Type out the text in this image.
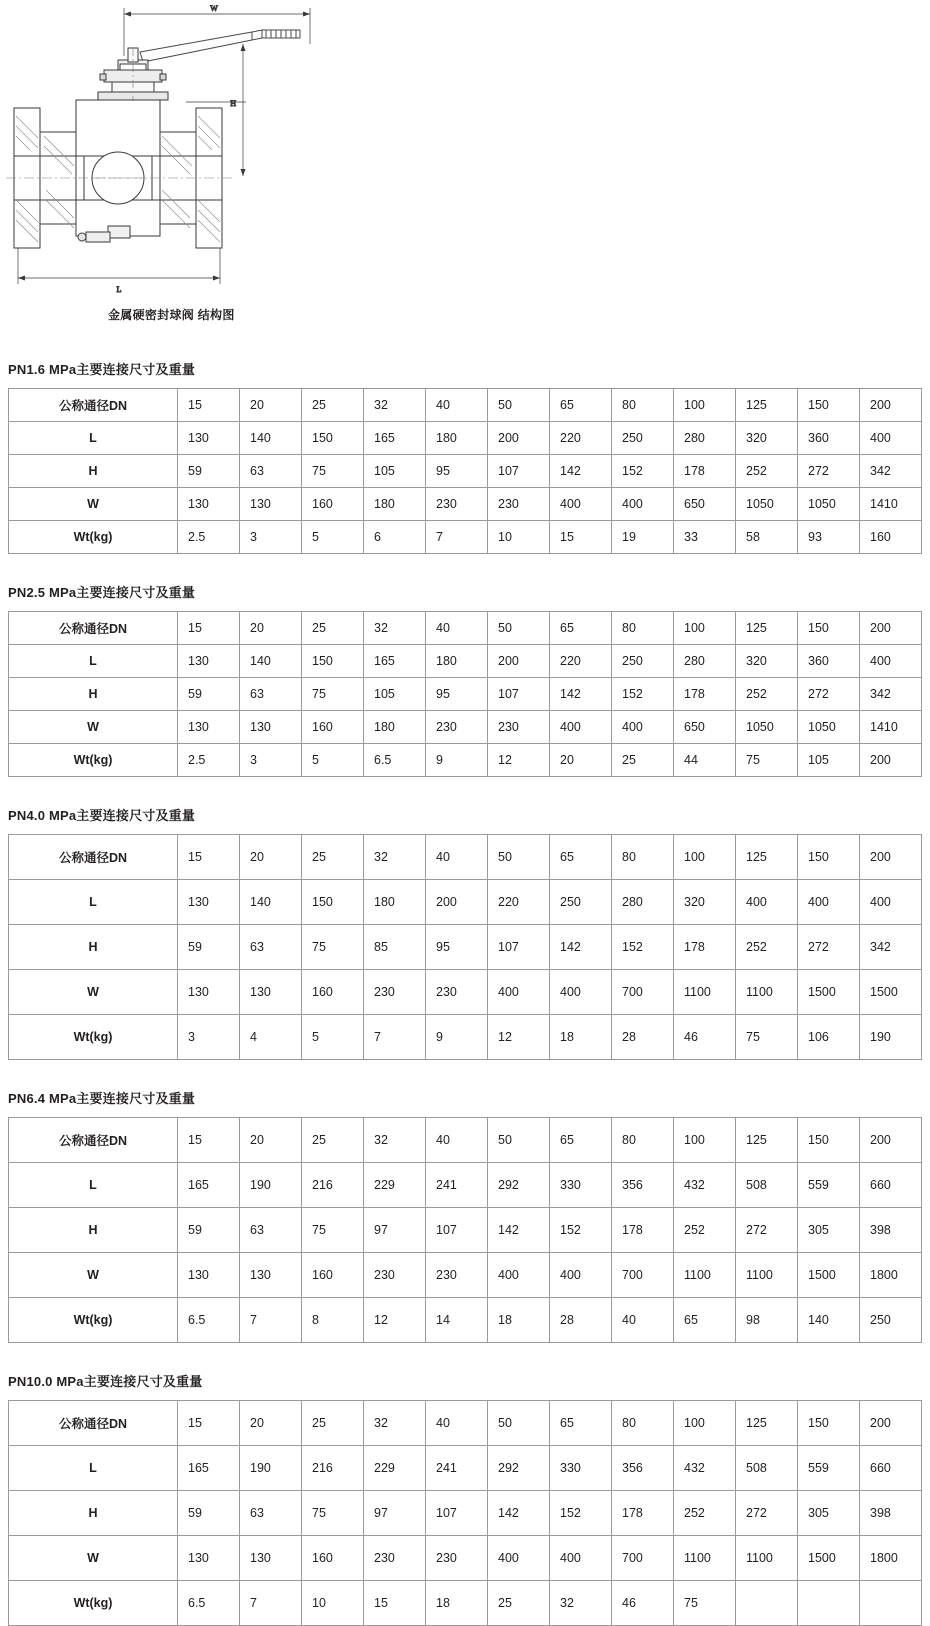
W
H
L
金属硬密封球阀 结构图
PN1.6 MPa主要连接尺寸及重量
公称通径DN	15	20	25	32	40	50	65	80	100	125	150	200
L	130	140	150	165	180	200	220	250	280	320	360	400
H	59	63	75	105	95	107	142	152	178	252	272	342
W	130	130	160	180	230	230	400	400	650	1050	1050	1410
Wt(kg)	2.5	3	5	6	7	10	15	19	33	58	93	160
PN2.5 MPa主要连接尺寸及重量
公称通径DN	15	20	25	32	40	50	65	80	100	125	150	200
L	130	140	150	165	180	200	220	250	280	320	360	400
H	59	63	75	105	95	107	142	152	178	252	272	342
W	130	130	160	180	230	230	400	400	650	1050	1050	1410
Wt(kg)	2.5	3	5	6.5	9	12	20	25	44	75	105	200
PN4.0 MPa主要连接尺寸及重量
公称通径DN	15	20	25	32	40	50	65	80	100	125	150	200
L	130	140	150	180	200	220	250	280	320	400	400	400
H	59	63	75	85	95	107	142	152	178	252	272	342
W	130	130	160	230	230	400	400	700	1100	1100	1500	1500
Wt(kg)	3	4	5	7	9	12	18	28	46	75	106	190
PN6.4 MPa主要连接尺寸及重量
公称通径DN	15	20	25	32	40	50	65	80	100	125	150	200
L	165	190	216	229	241	292	330	356	432	508	559	660
H	59	63	75	97	107	142	152	178	252	272	305	398
W	130	130	160	230	230	400	400	700	1100	1100	1500	1800
Wt(kg)	6.5	7	8	12	14	18	28	40	65	98	140	250
PN10.0 MPa主要连接尺寸及重量
公称通径DN	15	20	25	32	40	50	65	80	100	125	150	200
L	165	190	216	229	241	292	330	356	432	508	559	660
H	59	63	75	97	107	142	152	178	252	272	305	398
W	130	130	160	230	230	400	400	700	1100	1100	1500	1800
Wt(kg)	6.5	7	10	15	18	25	32	46	75			
